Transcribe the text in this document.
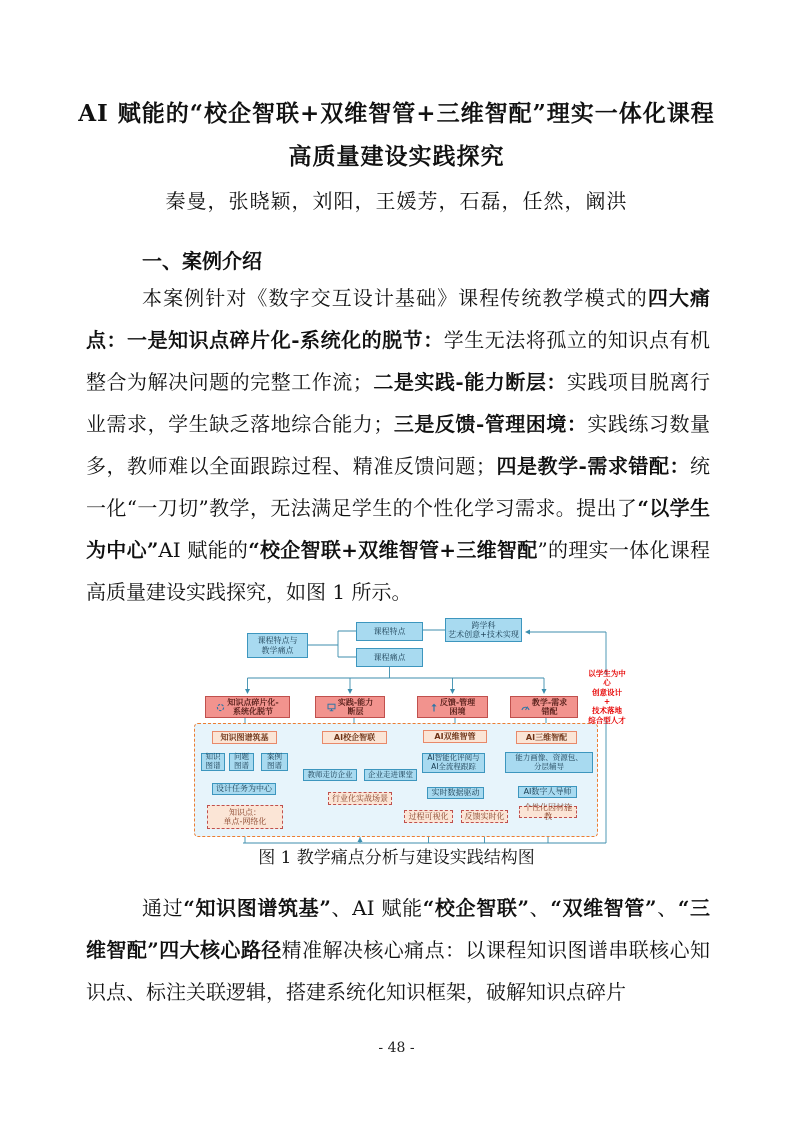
AI 赋能的“校企智联+双维智管+三维智配”理实一体化课程
高质量建设实践探究
秦曼，张晓颖，刘阳，王媛芳，石磊，任然，阚洪
一、案例介绍
本案例针对《数字交互设计基础》课程传统教学模式的四大痛点：一是知识点碎片化-系统化的脱节：学生无法将孤立的知识点有机整合为解决问题的完整工作流；二是实践-能力断层：实践项目脱离行业需求，学生缺乏落地综合能力；三是反馈-管理困境：实践练习数量多，教师难以全面跟踪过程、精准反馈问题；四是教学-需求错配：统一化“一刀切”教学，无法满足学生的个性化学习需求。提出了“以学生为中心”AI 赋能的“校企智联+双维智管+三维智配”的理实一体化课程高质量建设实践探究，如图 1 所示。
课程特点与
教学痛点
课程特点
课程痛点
跨学科
艺术创意+技术实现
知识点碎片化-
系统化脱节
实践-能力
断层
反馈-管理
困境
教学-需求
错配
知识图谱筑基	AI校企智联	AI双维智管	AI三维智配
知识
图谱
问题
图谱
案例
图谱
设计任务为中心
知识点：
单点-网络化
教师走访企业 企业走进课堂
行业化实战场景
AI智能化评阅与
AI全流程跟踪
实时数据驱动
过程可视化 反馈实时化
能力画像、资源包、
分层辅导
AI数字人导师
个性化因材施教
以学生为中心
创意设计
+
技术落地
综合型人才
图 1 教学痛点分析与建设实践结构图
通过“知识图谱筑基”、AI 赋能“校企智联”、“双维智管”、“三维智配”四大核心路径精准解决核心痛点：以课程知识图谱串联核心知识点、标注关联逻辑，搭建系统化知识框架，破解知识点碎片
- 48 -
